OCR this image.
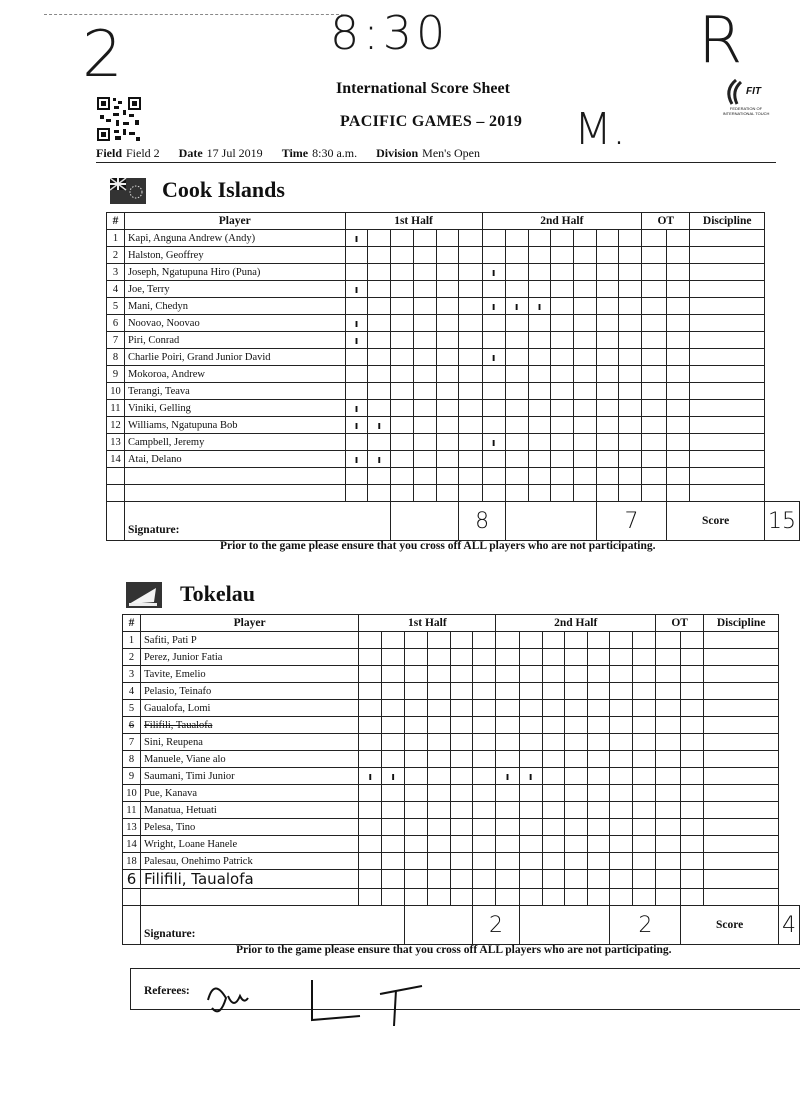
2	8:30	R
M.
FIT
FEDERATION OF INTERNATIONAL TOUCH
International Score Sheet
PACIFIC GAMES – 2019
Field Field 2 Date 17 Jul 2019 Time 8:30 a.m. Division Men's Open
Cook Islands
#	Player	1st Half						2nd Half							OT		Discipline	
1	Kapi, Anguna Andrew (Andy)	ı																
2	Halston, Geoffrey																	
3	Joseph, Ngatupuna Hiro (Puna)							ı										
4	Joe, Terry	ı																
5	Mani, Chedyn							ı	ı	ı								
6	Noovao, Noovao	ı																
7	Piri, Conrad	ı																
8	Charlie Poiri, Grand Junior David							ı										
9	Mokoroa, Andrew																	
10	Terangi, Teava																	
11	Viniki, Gelling	ı																
12	Williams, Ngatupuna Bob	ı	ı															
13	Campbell, Jeremy							ı										
14	Atai, Delano	ı	ı															

	Signature:						8						7			Score		15
Prior to the game please ensure that you cross off ALL players who are not participating.
Tokelau
#	Player	1st Half						2nd Half							OT		Discipline	
1	Safiti, Pati P																	
2	Perez, Junior Fatia																	
3	Tavite, Emelio																	
4	Pelasio, Teinafo																	
5	Gaualofa, Lomi																	
6	Filifili, Taualofa																	
7	Sini, Reupena																	
8	Manuele, Viane alo																	
9	Saumani, Timi Junior	ı	ı					ı	ı									
10	Pue, Kanava																	
11	Manatua, Hetuati																	
13	Pelesa, Tino																	
14	Wright, Loane Hanele																	
18	Palesau, Onehimo Patrick																	
6	Filifili, Taualofa																	

	Signature:						2						2			Score		4
Prior to the game please ensure that you cross off ALL players who are not participating.
Referees:
